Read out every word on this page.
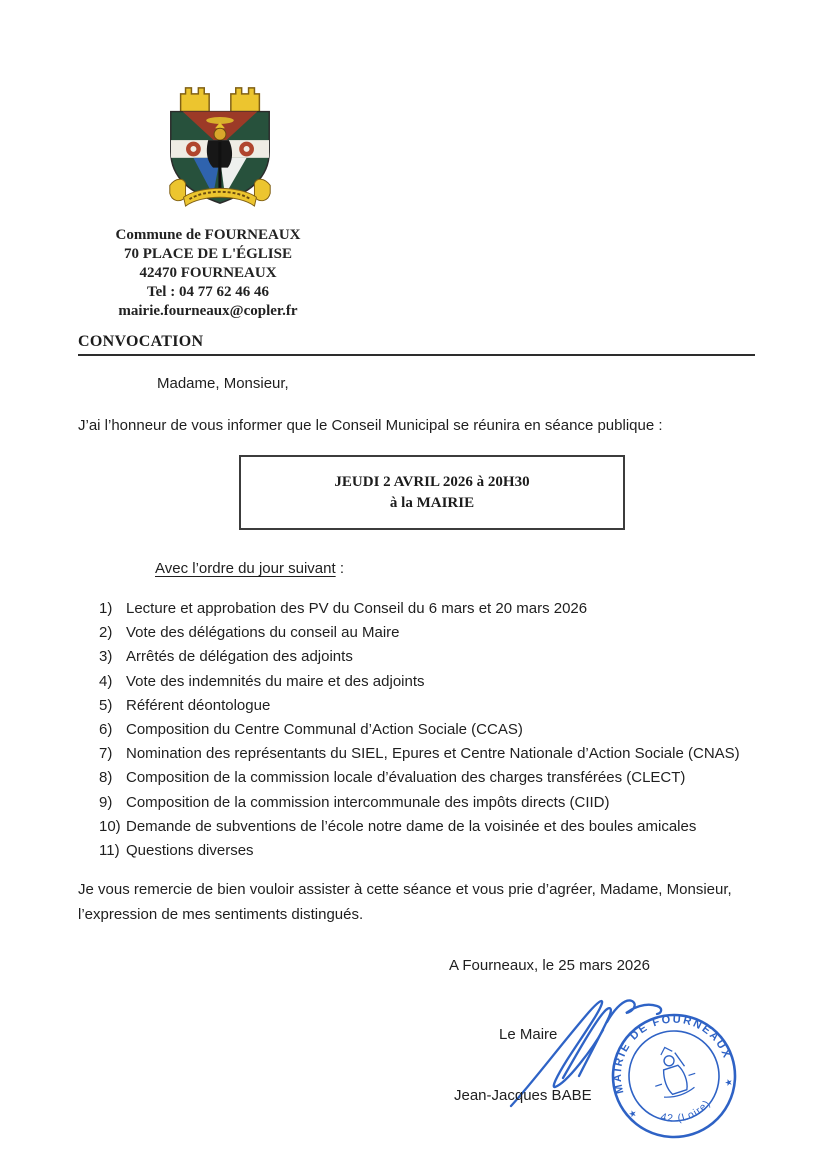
Commune de FOURNEAUX
70 PLACE DE L'ÉGLISE
42470 FOURNEAUX
Tel : 04 77 62 46 46
mairie.fourneaux@copler.fr
CONVOCATION
Madame, Monsieur,
J’ai l’honneur de vous informer que le Conseil Municipal se réunira en séance publique :
JEUDI 2 AVRIL 2026 à 20H30
à la MAIRIE
Avec l’ordre du jour suivant :
1) Lecture et approbation des PV du Conseil du 6 mars et 20 mars 2026
2) Vote des délégations du conseil au Maire
3) Arrêtés de délégation des adjoints
4) Vote des indemnités du maire et des adjoints
5) Référent déontologue
6) Composition du Centre Communal d’Action Sociale (CCAS)
7) Nomination des représentants du SIEL, Epures et Centre Nationale d’Action Sociale (CNAS)
8) Composition de la commission locale d’évaluation des charges transférées (CLECT)
9) Composition de la commission intercommunale des impôts directs (CIID)
10) Demande de subventions de l’école notre dame de la voisinée et des boules amicales
11) Questions diverses
Je vous remercie de bien vouloir assister à cette séance et vous prie d’agréer, Madame, Monsieur, l’expression de mes sentiments distingués.
A Fourneaux, le 25 mars 2026
Le Maire
Jean-Jacques BABE	MAIRIE DE FOURNEAUX
42 (Loire)
★
★
